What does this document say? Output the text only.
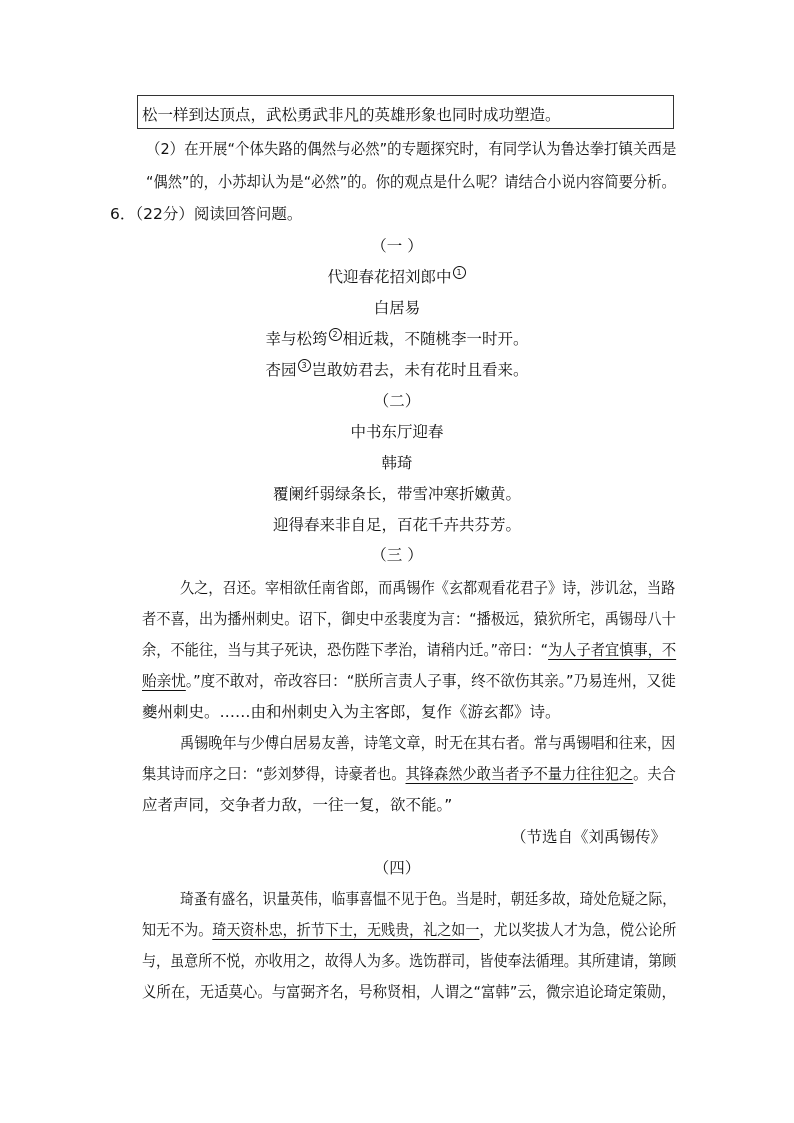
松一样到达顶点，武松勇武非凡的英雄形象也同时成功塑造。
（2）在开展“个体失路的偶然与必然”的专题探究时，有同学认为鲁达拳打镇关西是
“偶然”的，小苏却认为是“必然”的。你的观点是什么呢？请结合小说内容简要分析。
6．（22分）阅读回答问题。
（一 ）
代迎春花招刘郎中 1
白居易
幸与松筠 2 相近栽，不随桃李一时开。
杏园 3 岂敢妨君去，未有花时且看来。
（二）
中书东厅迎春
韩琦
覆阑纤弱绿条长，带雪冲寒折嫩黄。
迎得春来非自足，百花千卉共芬芳。
（三 ）
久之，召还。宰相欲任南省郎，而禹锡作《玄都观看花君子》诗，涉讥忿，当路
者不喜，出为播州刺史。诏下，御史中丞裴度为言：“播极远，猿狖所宅，禹锡母八十
余，不能往，当与其子死诀，恐伤陛下孝治，请稍内迁。”帝曰：“为人子者宜慎事，不
贻亲忧。”度不敢对，帝改容曰：“朕所言责人子事，终不欲伤其亲。”乃易连州，又徙
夔州刺史。……由和州刺史入为主客郎，复作《游玄都》诗。
禹锡晚年与少傅白居易友善，诗笔文章，时无在其右者。常与禹锡唱和往来，因
集其诗而序之曰：“彭刘梦得，诗豪者也。其锋森然少敢当者予不量力往往犯之。夫合
应者声同，交争者力敌，一往一复，欲不能。”
（节选自《刘禹锡传》
（四）
琦蚤有盛名，识量英伟，临事喜愠不见于色。当是时，朝廷多故，琦处危疑之际，
知无不为。琦天资朴忠，折节下士，无贱贵，礼之如一，尤以奖拔人才为急，傥公论所
与，虽意所不悦，亦收用之，故得人为多。选饬群司，皆使奉法循理。其所建请，第顾
义所在，无适莫心。与富弼齐名，号称贤相，人谓之“富韩”云，微宗追论琦定策勋，
